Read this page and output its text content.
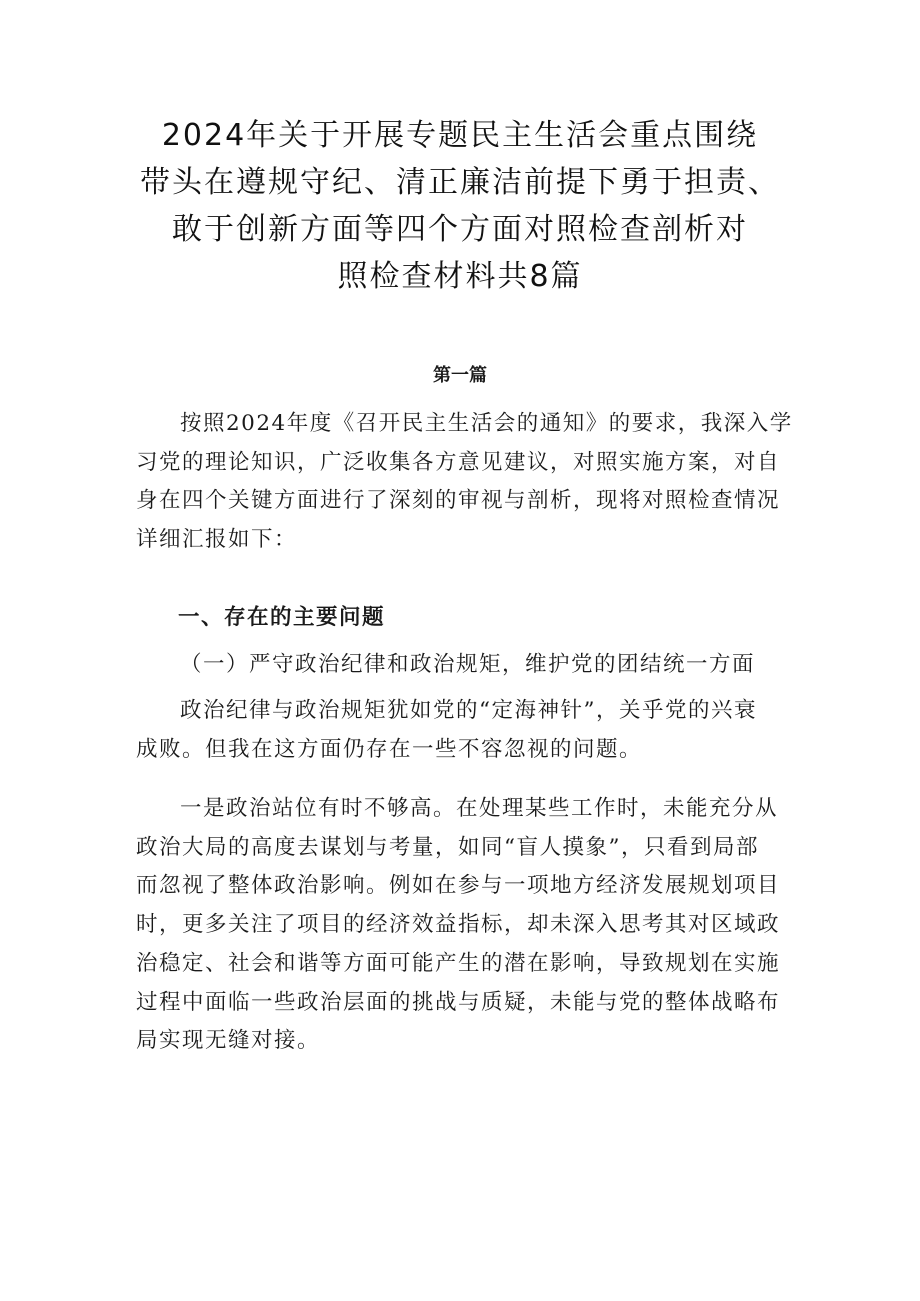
2024年关于开展专题民主生活会重点围绕
带头在遵规守纪、清正廉洁前提下勇于担责、
敢于创新方面等四个方面对照检查剖析对
照检查材料共8篇
第一篇
按照2024年度《召开民主生活会的通知》的要求，我深入学
习党的理论知识，广泛收集各方意见建议，对照实施方案，对自
身在四个关键方面进行了深刻的审视与剖析，现将对照检查情况
详细汇报如下：
一、存在的主要问题
（一）严守政治纪律和政治规矩，维护党的团结统一方面
政治纪律与政治规矩犹如党的“定海神针”，关乎党的兴衰
成败。但我在这方面仍存在一些不容忽视的问题。
一是政治站位有时不够高。在处理某些工作时，未能充分从
政治大局的高度去谋划与考量，如同“盲人摸象”，只看到局部
而忽视了整体政治影响。例如在参与一项地方经济发展规划项目
时，更多关注了项目的经济效益指标，却未深入思考其对区域政
治稳定、社会和谐等方面可能产生的潜在影响，导致规划在实施
过程中面临一些政治层面的挑战与质疑，未能与党的整体战略布
局实现无缝对接。
